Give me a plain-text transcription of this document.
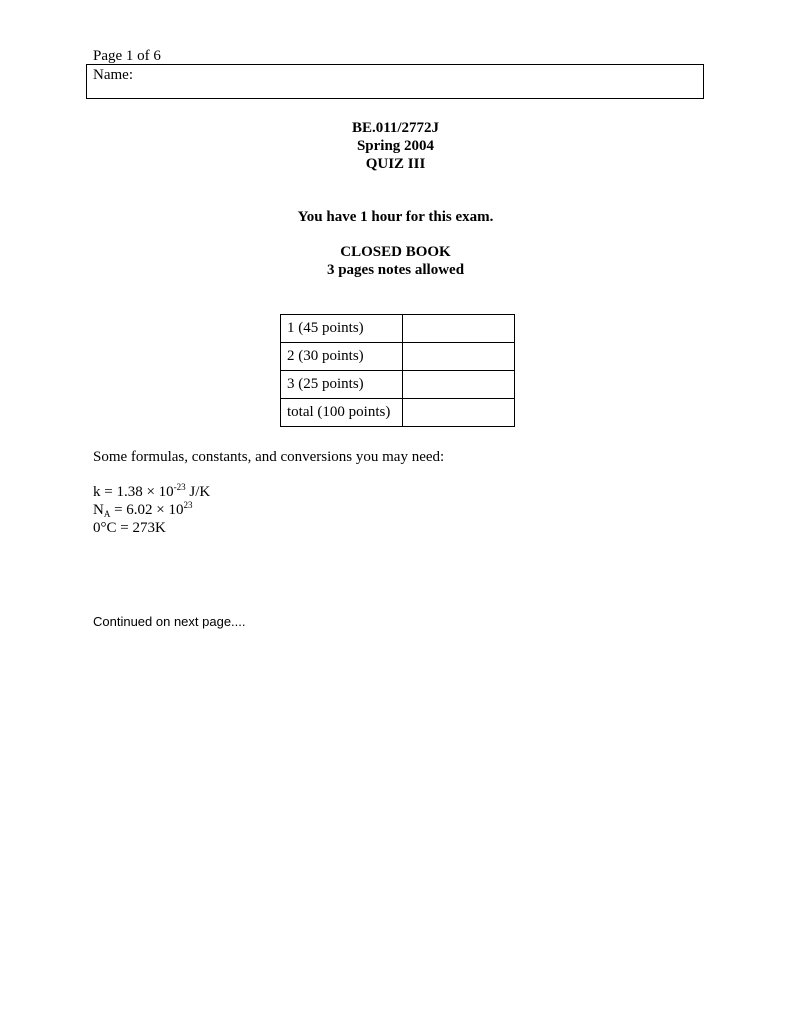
Page 1 of 6
Name:
BE.011/2772J
Spring 2004
QUIZ III
You have 1 hour for this exam.
CLOSED BOOK
3 pages notes allowed
1 (45 points)	
2 (30 points)	
3 (25 points)	
total (100 points)	
Some formulas, constants, and conversions you may need:
$k = 1.38 \times 10^{-23}$ J/K
$N_A = 6.02 \times 10^{23}$
0°C = 273K
Continued on next page....
